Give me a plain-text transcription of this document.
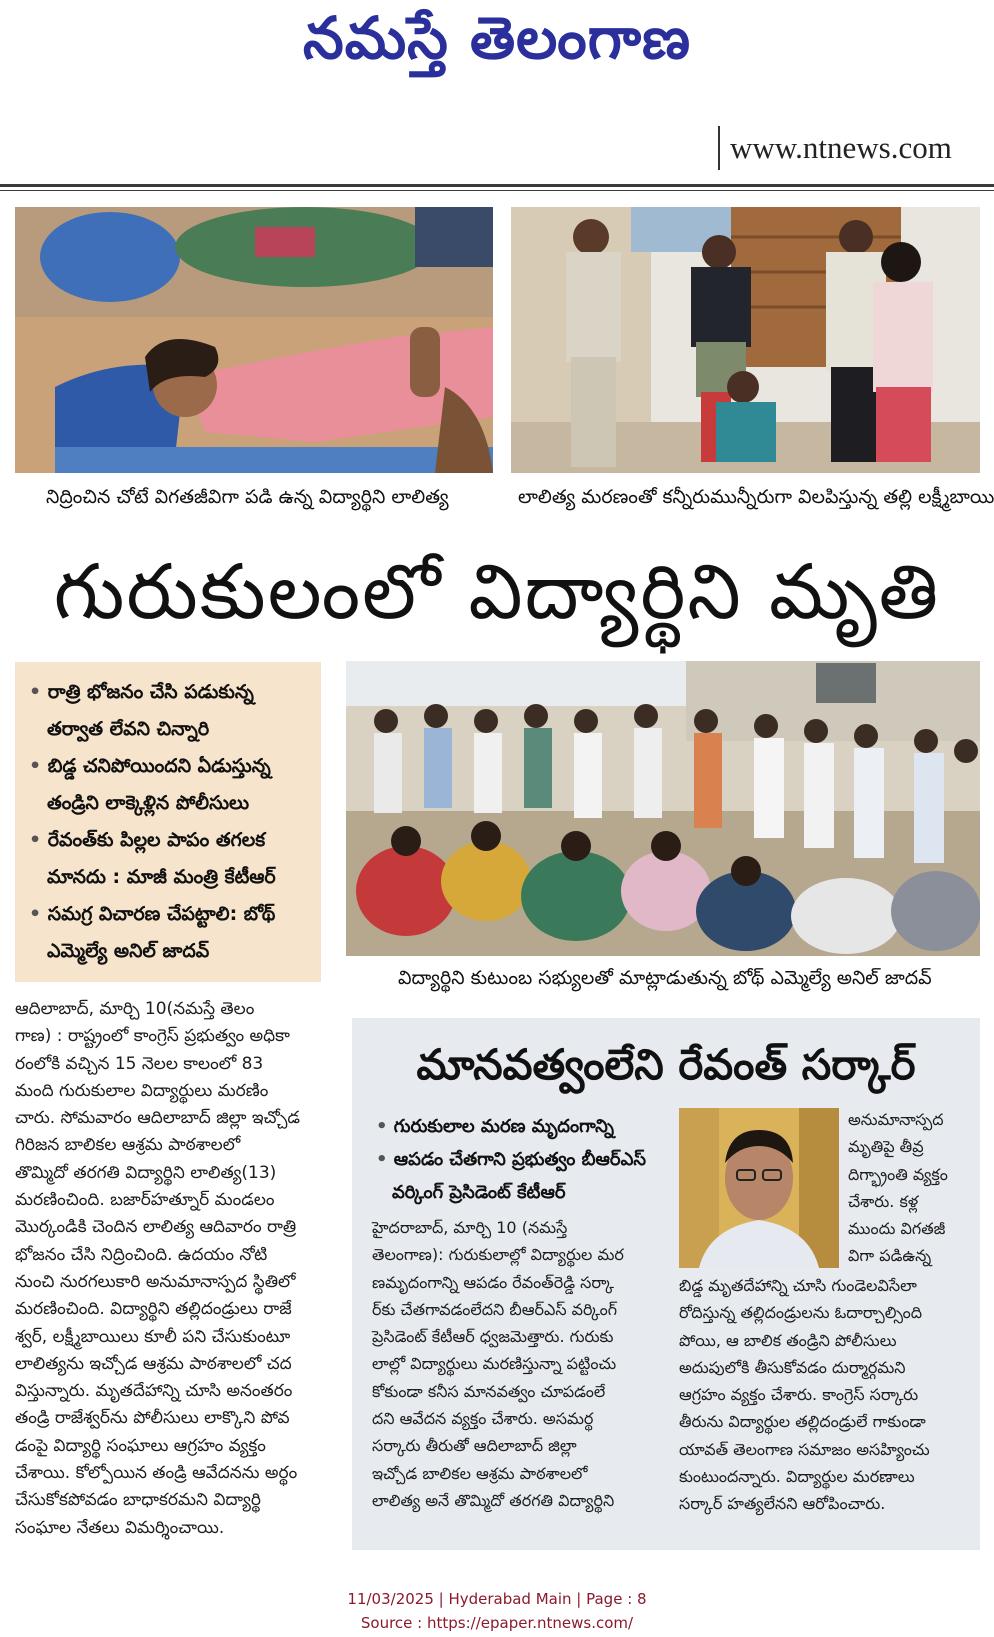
నమస్తే తెలంగాణ
www.ntnews.com
నిద్రించిన చోటే విగతజీవిగా పడి ఉన్న విద్యార్థిని లాలిత్య	లాలిత్య మరణంతో కన్నీరుమున్నీరుగా విలపిస్తున్న తల్లి లక్ష్మీబాయి
గురుకులంలో విద్యార్థిని మృతి
• రాత్రి భోజనం చేసి పడుకున్న తర్వాత లేవని చిన్నారి
• బిడ్డ చనిపోయిందని ఏడుస్తున్న తండ్రిని లాక్కెళ్లిన పోలీసులు
• రేవంత్‌కు పిల్లల పాపం తగలక మానదు : మాజీ మంత్రి కేటీఆర్
• సమగ్ర విచారణ చేపట్టాలి: బోథ్ ఎమ్మెల్యే అనిల్ జాదవ్
విద్యార్థిని కుటుంబ సభ్యులతో మాట్లాడుతున్న బోథ్ ఎమ్మెల్యే అనిల్ జాదవ్
ఆదిలాబాద్, మార్చి 10(నమస్తే తెలం
గాణ) : రాష్ట్రంలో కాంగ్రెస్ ప్రభుత్వం అధికా
రంలోకి వచ్చిన 15 నెలల కాలంలో 83
మంది గురుకులాల విద్యార్థులు మరణిం
చారు. సోమవారం ఆదిలాబాద్ జిల్లా ఇచ్చోడ
గిరిజన బాలికల ఆశ్రమ పాఠశాలలో
తొమ్మిదో తరగతి విద్యార్థిని లాలిత్య(13)
మరణించింది. బజార్‌హత్నూర్ మండలం
మొర్కండికి చెందిన లాలిత్య ఆదివారం రాత్రి
భోజనం చేసి నిద్రించింది. ఉదయం నోటి
నుంచి నురగలుకారి అనుమానాస్పద స్థితిలో
మరణించింది. విద్యార్థిని తల్లిదండ్రులు రాజే
శ్వర్, లక్ష్మీబాయిలు కూలీ పని చేసుకుంటూ
లాలిత్యను ఇచ్చోడ ఆశ్రమ పాఠశాలలో చద
విస్తున్నారు. మృతదేహాన్ని చూసి అనంతరం
తండ్రి రాజేశ్వర్‌ను పోలీసులు లాక్కొని పోవ
డంపై విద్యార్థి సంఘాలు ఆగ్రహం వ్యక్తం
చేశాయి. కోల్పోయిన తండ్రి ఆవేదనను అర్థం
చేసుకోకపోవడం బాధాకరమని విద్యార్థి
సంఘాల నేతలు విమర్శించాయి.
మానవత్వంలేని రేవంత్ సర్కార్
• గురుకులాల మరణ మృదంగాన్ని
• ఆపడం చేతగాని ప్రభుత్వం బీఆర్ఎస్ వర్కింగ్ ప్రెసిడెంట్ కేటీఆర్
అనుమానాస్పద
మృతిపై తీవ్ర
దిగ్భ్రాంతి వ్యక్తం
చేశారు. కళ్ల
ముందు విగతజీ
విగా పడిఉన్న
హైదరాబాద్, మార్చి 10 (నమస్తే
తెలంగాణ): గురుకులాల్లో విద్యార్థుల మర
ణమృదంగాన్ని ఆపడం రేవంత్‌రెడ్డి సర్కా
ర్‌కు చేతగావడంలేదని బీఆర్ఎస్ వర్కింగ్
ప్రెసిడెంట్ కేటీఆర్ ధ్వజమెత్తారు. గురుకు
లాల్లో విద్యార్థులు మరణిస్తున్నా పట్టించు
కోకుండా కనీస మానవత్వం చూపడంలే
దని ఆవేదన వ్యక్తం చేశారు. అసమర్థ
సర్కారు తీరుతో ఆదిలాబాద్ జిల్లా
ఇచ్చోడ బాలికల ఆశ్రమ పాఠశాలలో
లాలిత్య అనే తొమ్మిదో తరగతి విద్యార్థిని
బిడ్డ మృతదేహాన్ని చూసి గుండెలవిసేలా
రోదిస్తున్న తల్లిదండ్రులను ఓదార్చాల్సింది
పోయి, ఆ బాలిక తండ్రిని పోలీసులు
అదుపులోకి తీసుకోవడం దుర్మార్గమని
ఆగ్రహం వ్యక్తం చేశారు. కాంగ్రెస్ సర్కారు
తీరును విద్యార్థుల తల్లిదండ్రులే గాకుండా
యావత్ తెలంగాణ సమాజం అసహ్యించు
కుంటుందన్నారు. విద్యార్థుల మరణాలు
సర్కార్ హత్యలేనని ఆరోపించారు.
11/03/2025 | Hyderabad Main | Page : 8
Source : https://epaper.ntnews.com/
